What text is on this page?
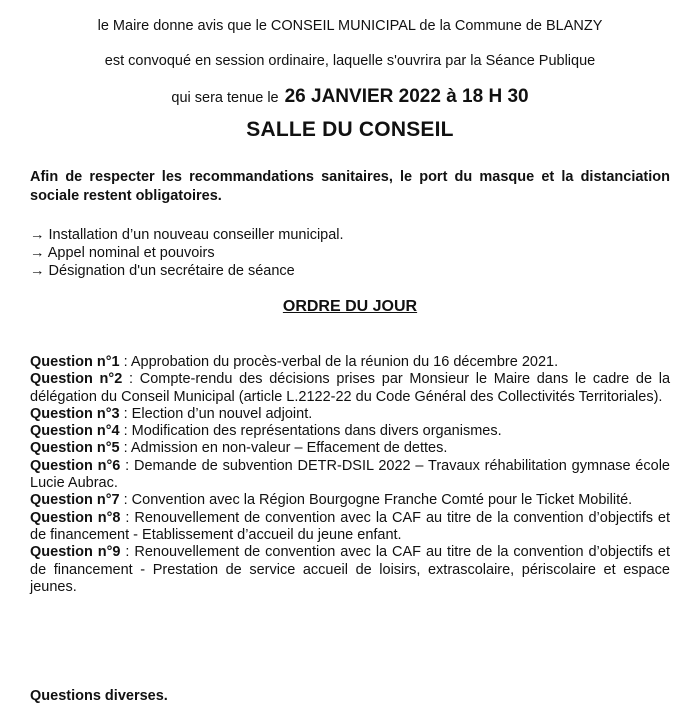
le Maire donne avis que le CONSEIL MUNICIPAL de la Commune de BLANZY
est convoqué en session ordinaire, laquelle s'ouvrira par la Séance Publique
qui sera tenue le 26 JANVIER 2022 à 18 H 30
SALLE DU CONSEIL
Afin de respecter les recommandations sanitaires, le port du masque et la distanciation sociale restent obligatoires.
→ Installation d’un nouveau conseiller municipal.
→ Appel nominal et pouvoirs
→ Désignation d'un secrétaire de séance
ORDRE DU JOUR

Question n°1 : Approbation du procès-verbal de la réunion du 16 décembre 2021.

Question n°2 : Compte-rendu des décisions prises par Monsieur le Maire dans le cadre de la délégation du Conseil Municipal (article L.2122-22 du Code Général des Collectivités Territoriales).

Question n°3 : Election d’un nouvel adjoint.

Question n°4 : Modification des représentations dans divers organismes.

Question n°5 : Admission en non-valeur – Effacement de dettes.

Question n°6 : Demande de subvention DETR-DSIL 2022 – Travaux réhabilitation gymnase école Lucie Aubrac.

Question n°7 : Convention avec la Région Bourgogne Franche Comté pour le Ticket Mobilité.

Question n°8 : Renouvellement de convention avec la CAF au titre de la convention d’objectifs et de financement - Etablissement d’accueil du jeune enfant.

Question n°9 : Renouvellement de convention avec la CAF au titre de la convention d’objectifs et de financement - Prestation de service accueil de loisirs, extrascolaire, périscolaire et espace jeunes.

Questions diverses.
